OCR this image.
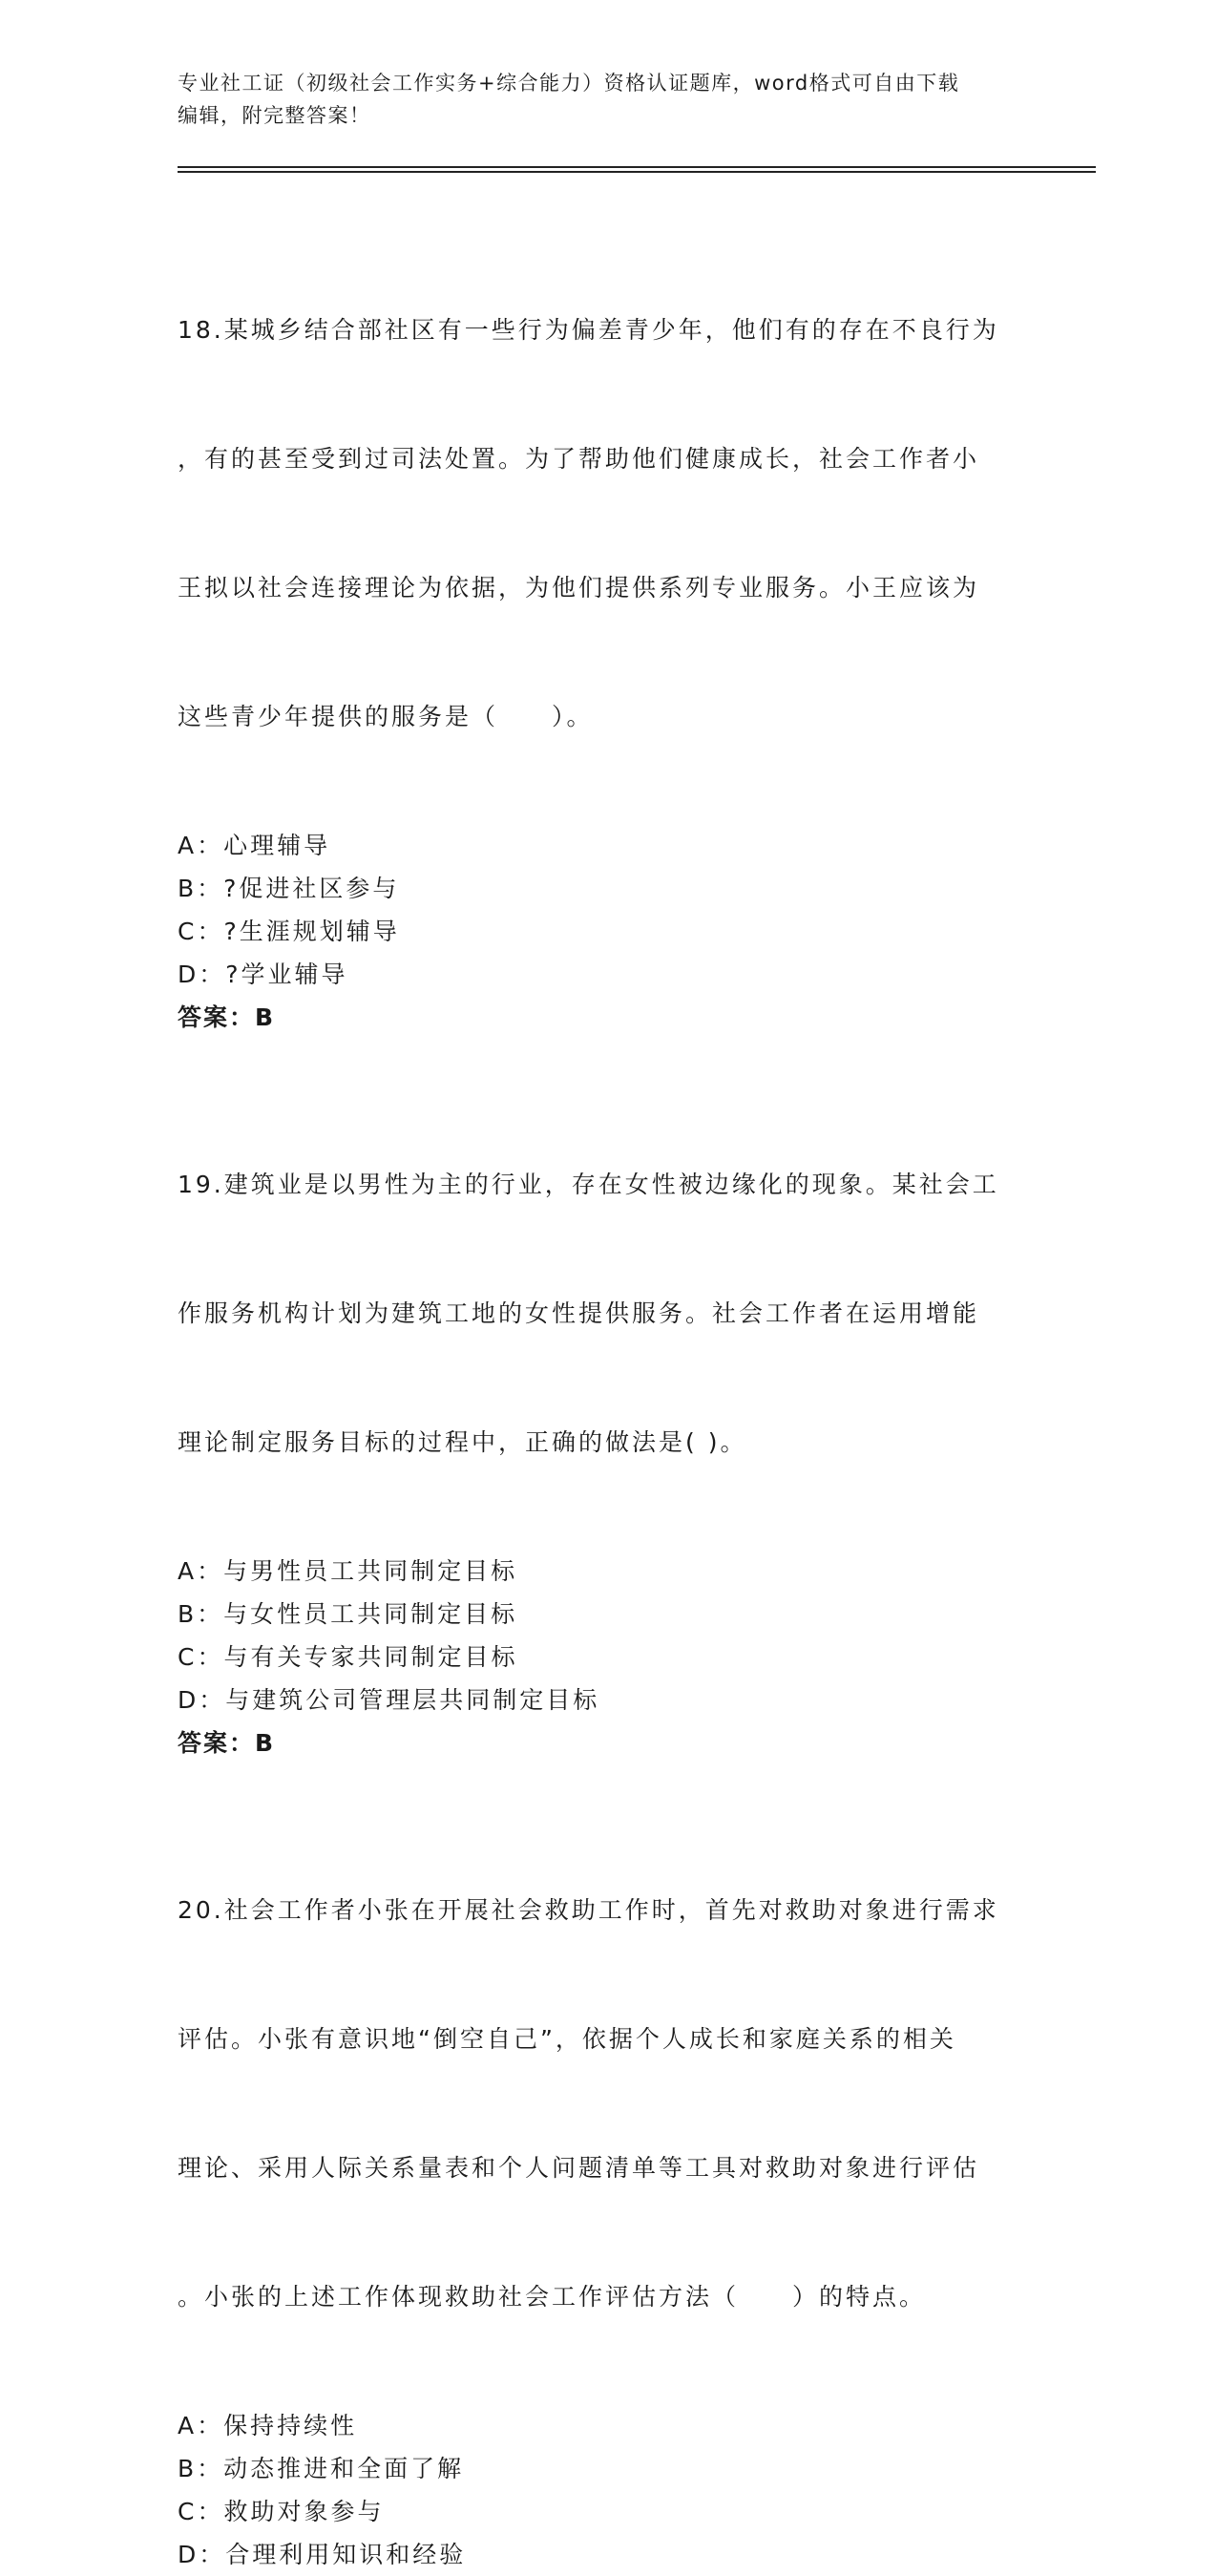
专业社工证（初级社会工作实务+综合能力）资格认证题库，word格式可自由下载
编辑，附完整答案！

18.某城乡结合部社区有一些行为偏差青少年，他们有的存在不良行为

，有的甚至受到过司法处置。为了帮助他们健康成长，社会工作者小

王拟以社会连接理论为依据，为他们提供系列专业服务。小王应该为

这些青少年提供的服务是（　　）。

A：心理辅导
B：?促进社区参与
C：?生涯规划辅导
D：?学业辅导
答案：B

19.建筑业是以男性为主的行业，存在女性被边缘化的现象。某社会工

作服务机构计划为建筑工地的女性提供服务。社会工作者在运用增能

理论制定服务目标的过程中，正确的做法是( )。

A：与男性员工共同制定目标
B：与女性员工共同制定目标
C：与有关专家共同制定目标
D：与建筑公司管理层共同制定目标
答案：B

20.社会工作者小张在开展社会救助工作时，首先对救助对象进行需求

评估。小张有意识地“倒空自己”，依据个人成长和家庭关系的相关

理论、采用人际关系量表和个人问题清单等工具对救助对象进行评估

。小张的上述工作体现救助社会工作评估方法（　　）的特点。

A：保持持续性
B：动态推进和全面了解
C：救助对象参与
D：合理利用知识和经验
